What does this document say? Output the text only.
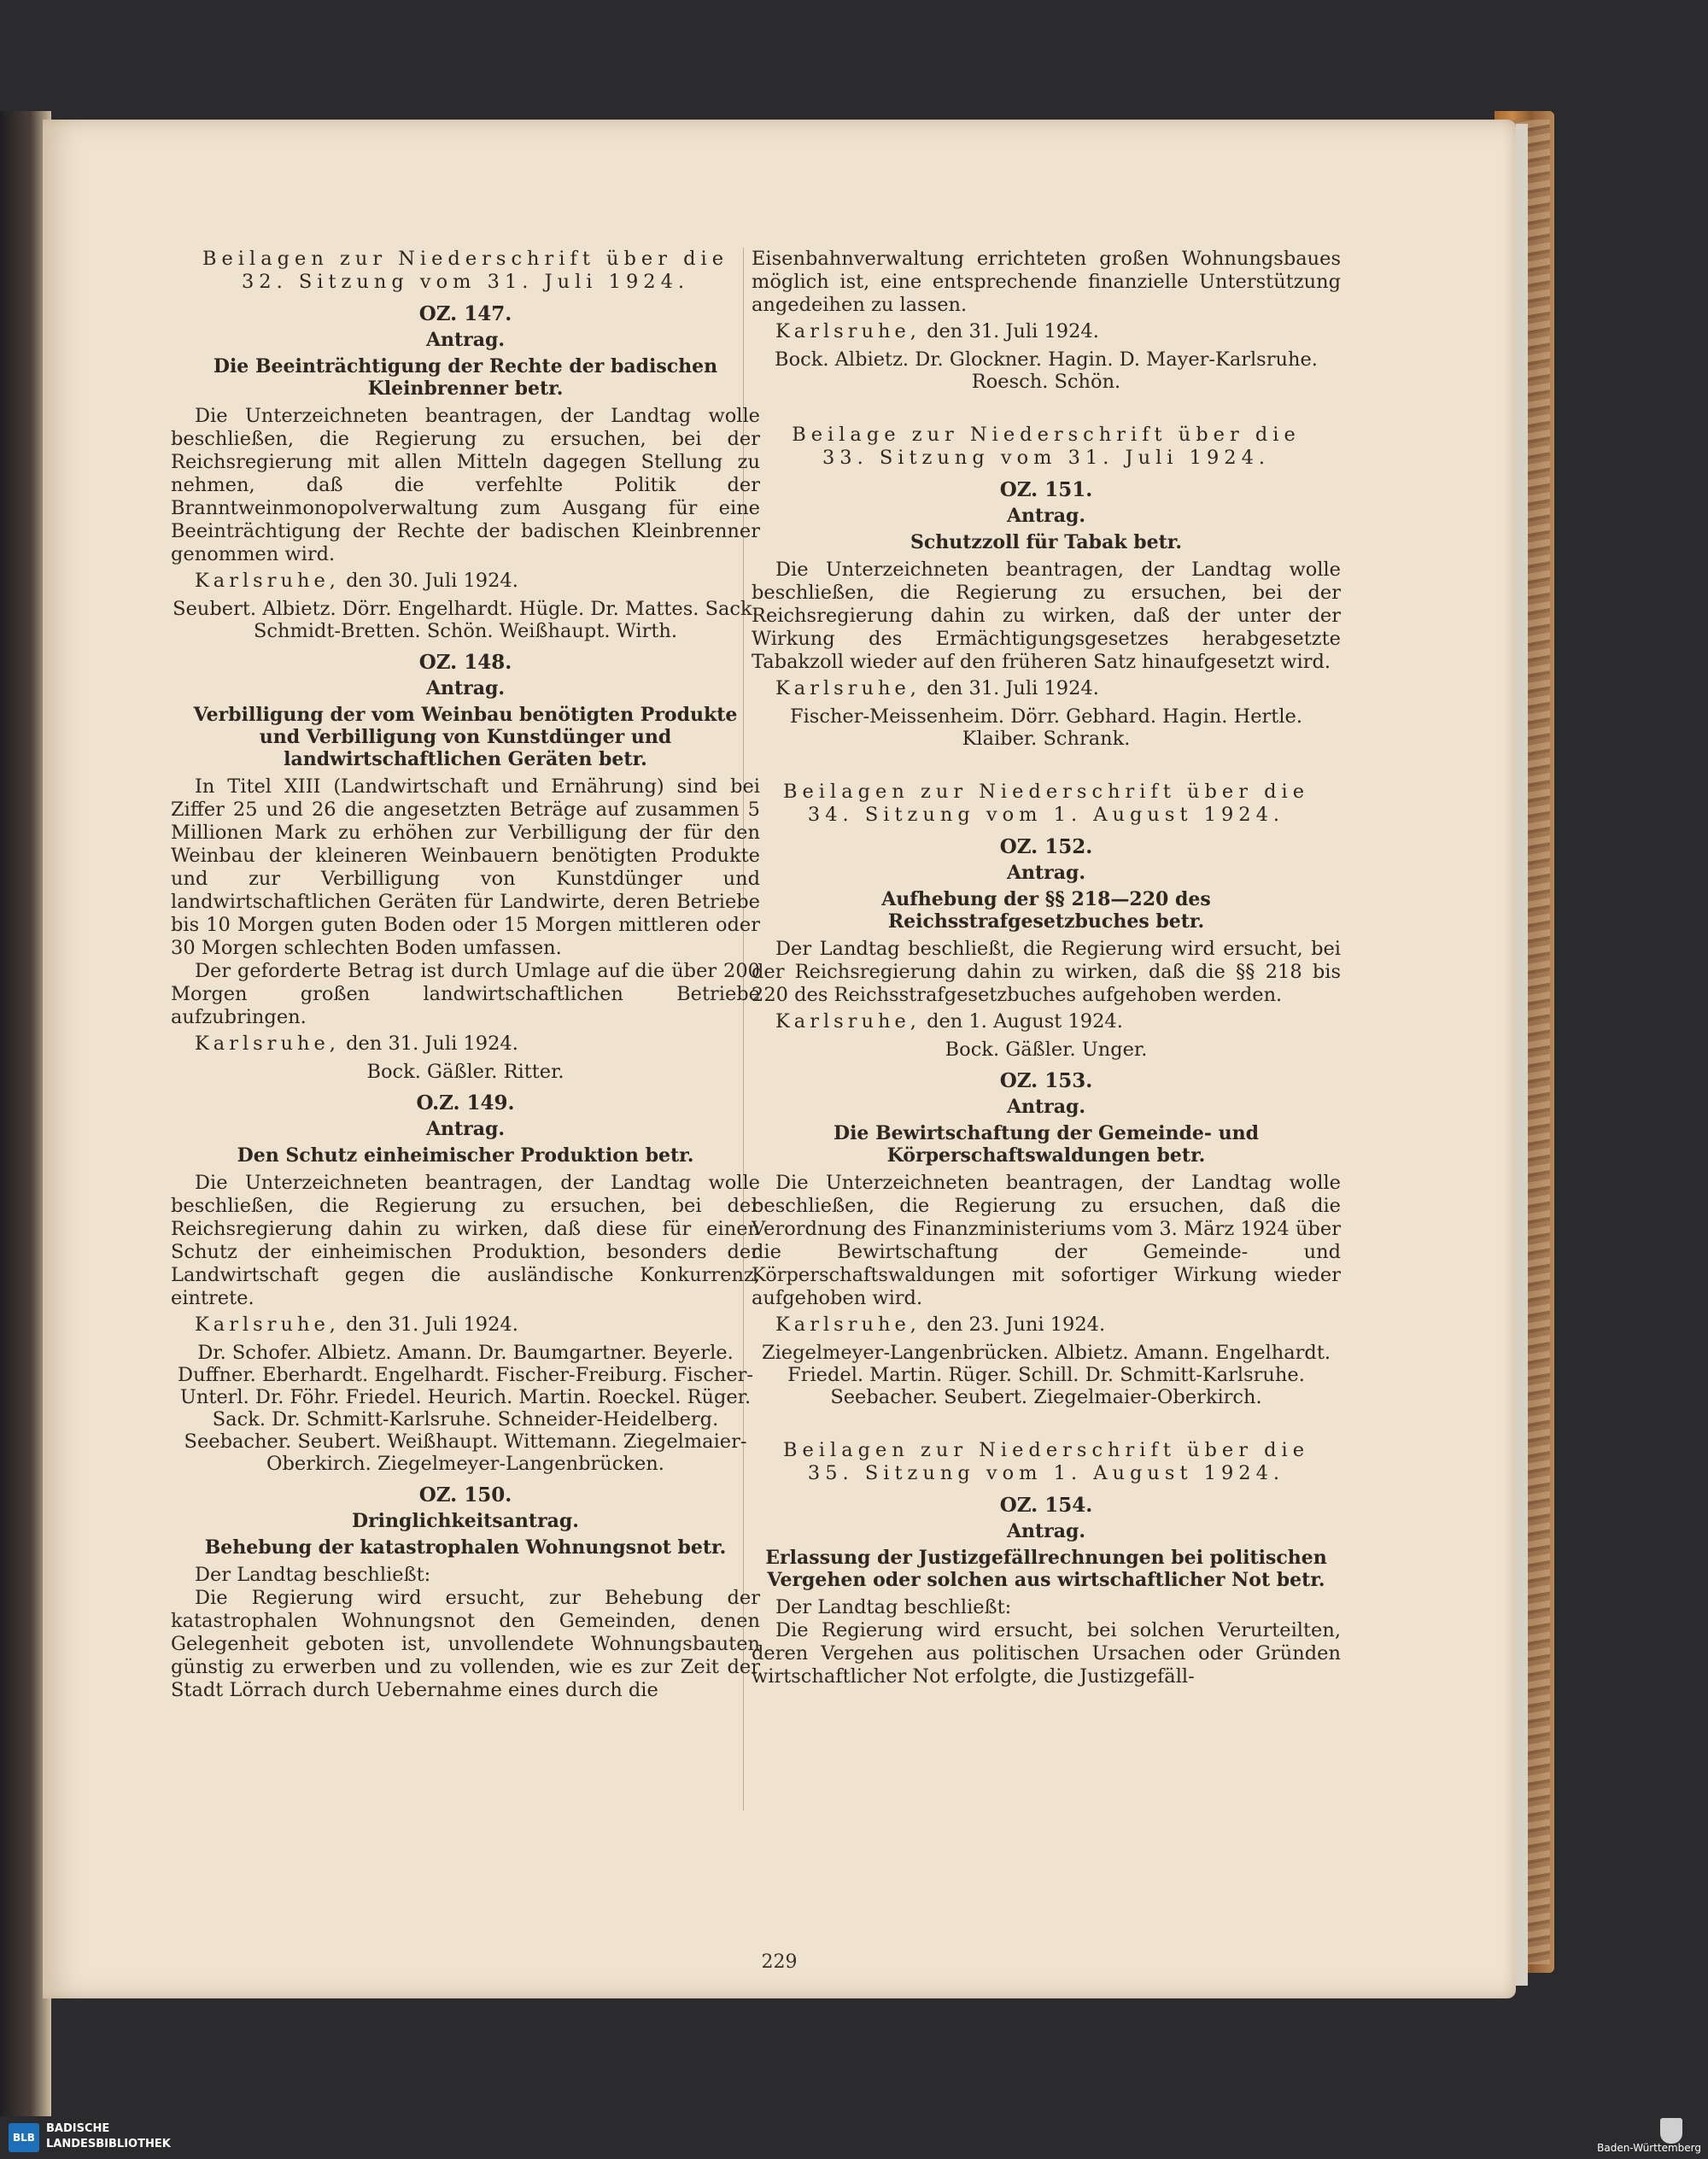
229

Beilagen zur Niederschrift über die

32. Sitzung vom 31. Juli 1924.

OZ. 147.

Antrag.

Die Beeinträchtigung der Rechte der badischen Kleinbrenner betr.

Die Unterzeichneten beantragen, der Landtag wolle beschließen, die Regierung zu ersuchen, bei der Reichsregierung mit allen Mitteln dagegen Stellung zu nehmen, daß die verfehlte Politik der Branntweinmonopolverwaltung zum Ausgang für eine Beeinträchtigung der Rechte der badischen Kleinbrenner genommen wird.

Karlsruhe, den 30. Juli 1924.

Seubert. Albietz. Dörr. Engelhardt. Hügle. Dr. Mattes. Sack. Schmidt-Bretten. Schön. Weißhaupt. Wirth.

OZ. 148.

Antrag.

Verbilligung der vom Weinbau benötigten Produkte und Verbilligung von Kunstdünger und landwirtschaftlichen Geräten betr.

In Titel XIII (Landwirtschaft und Ernährung) sind bei Ziffer 25 und 26 die angesetzten Beträge auf zusammen 5 Millionen Mark zu erhöhen zur Verbilligung der für den Weinbau der kleineren Weinbauern benötigten Produkte und zur Verbilligung von Kunstdünger und landwirtschaftlichen Geräten für Landwirte, deren Betriebe bis 10 Morgen guten Boden oder 15 Morgen mittleren oder 30 Morgen schlechten Boden umfassen.

Der geforderte Betrag ist durch Umlage auf die über 200 Morgen großen landwirtschaftlichen Betriebe aufzubringen.

Karlsruhe, den 31. Juli 1924.

Bock. Gäßler. Ritter.

O.Z. 149.

Antrag.

Den Schutz einheimischer Produktion betr.

Die Unterzeichneten beantragen, der Landtag wolle beschließen, die Regierung zu ersuchen, bei der Reichsregierung dahin zu wirken, daß diese für einen Schutz der einheimischen Produktion, besonders der Landwirtschaft gegen die ausländische Konkurrenz, eintrete.

Karlsruhe, den 31. Juli 1924.

Dr. Schofer. Albietz. Amann. Dr. Baumgartner. Beyerle. Duffner. Eberhardt. Engelhardt. Fischer-Freiburg. Fischer-Unterl. Dr. Föhr. Friedel. Heurich. Martin. Roeckel. Rüger. Sack. Dr. Schmitt-Karlsruhe. Schneider-Heidelberg. Seebacher. Seubert. Weißhaupt. Wittemann. Ziegelmaier-Oberkirch. Ziegelmeyer-Langenbrücken.

OZ. 150.

Dringlichkeitsantrag.

Behebung der katastrophalen Wohnungsnot betr.

Der Landtag beschließt:

Die Regierung wird ersucht, zur Behebung der katastrophalen Wohnungsnot den Gemeinden, denen Gelegenheit geboten ist, unvollendete Wohnungsbauten günstig zu erwerben und zu vollenden, wie es zur Zeit der Stadt Lörrach durch Uebernahme eines durch die

Eisenbahnverwaltung errichteten großen Wohnungsbaues möglich ist, eine entsprechende finanzielle Unterstützung angedeihen zu lassen.

Karlsruhe, den 31. Juli 1924.

Bock. Albietz. Dr. Glockner. Hagin. D. Mayer-Karlsruhe. Roesch. Schön.

Beilage zur Niederschrift über die

33. Sitzung vom 31. Juli 1924.

OZ. 151.

Antrag.

Schutzzoll für Tabak betr.

Die Unterzeichneten beantragen, der Landtag wolle beschließen, die Regierung zu ersuchen, bei der Reichsregierung dahin zu wirken, daß der unter der Wirkung des Ermächtigungsgesetzes herabgesetzte Tabakzoll wieder auf den früheren Satz hinaufgesetzt wird.

Karlsruhe, den 31. Juli 1924.

Fischer-Meissenheim. Dörr. Gebhard. Hagin. Hertle. Klaiber. Schrank.

Beilagen zur Niederschrift über die

34. Sitzung vom 1. August 1924.

OZ. 152.

Antrag.

Aufhebung der §§ 218—220 des Reichsstrafgesetzbuches betr.

Der Landtag beschließt, die Regierung wird ersucht, bei der Reichsregierung dahin zu wirken, daß die §§ 218 bis 220 des Reichsstrafgesetzbuches aufgehoben werden.

Karlsruhe, den 1. August 1924.

Bock. Gäßler. Unger.

OZ. 153.

Antrag.

Die Bewirtschaftung der Gemeinde- und Körperschaftswaldungen betr.

Die Unterzeichneten beantragen, der Landtag wolle beschließen, die Regierung zu ersuchen, daß die Verordnung des Finanzministeriums vom 3. März 1924 über die Bewirtschaftung der Gemeinde- und Körperschaftswaldungen mit sofortiger Wirkung wieder aufgehoben wird.

Karlsruhe, den 23. Juni 1924.

Ziegelmeyer-Langenbrücken. Albietz. Amann. Engelhardt. Friedel. Martin. Rüger. Schill. Dr. Schmitt-Karlsruhe. Seebacher. Seubert. Ziegelmaier-Oberkirch.

Beilagen zur Niederschrift über die

35. Sitzung vom 1. August 1924.

OZ. 154.

Antrag.

Erlassung der Justizgefällrechnungen bei politischen Vergehen oder solchen aus wirtschaftlicher Not betr.

Der Landtag beschließt:

Die Regierung wird ersucht, bei solchen Verurteilten, deren Vergehen aus politischen Ursachen oder Gründen wirtschaftlicher Not erfolgte, die Justizgefäll-

BLB
BADISCHE
LANDESBIBLIOTHEK	Baden-Württemberg
